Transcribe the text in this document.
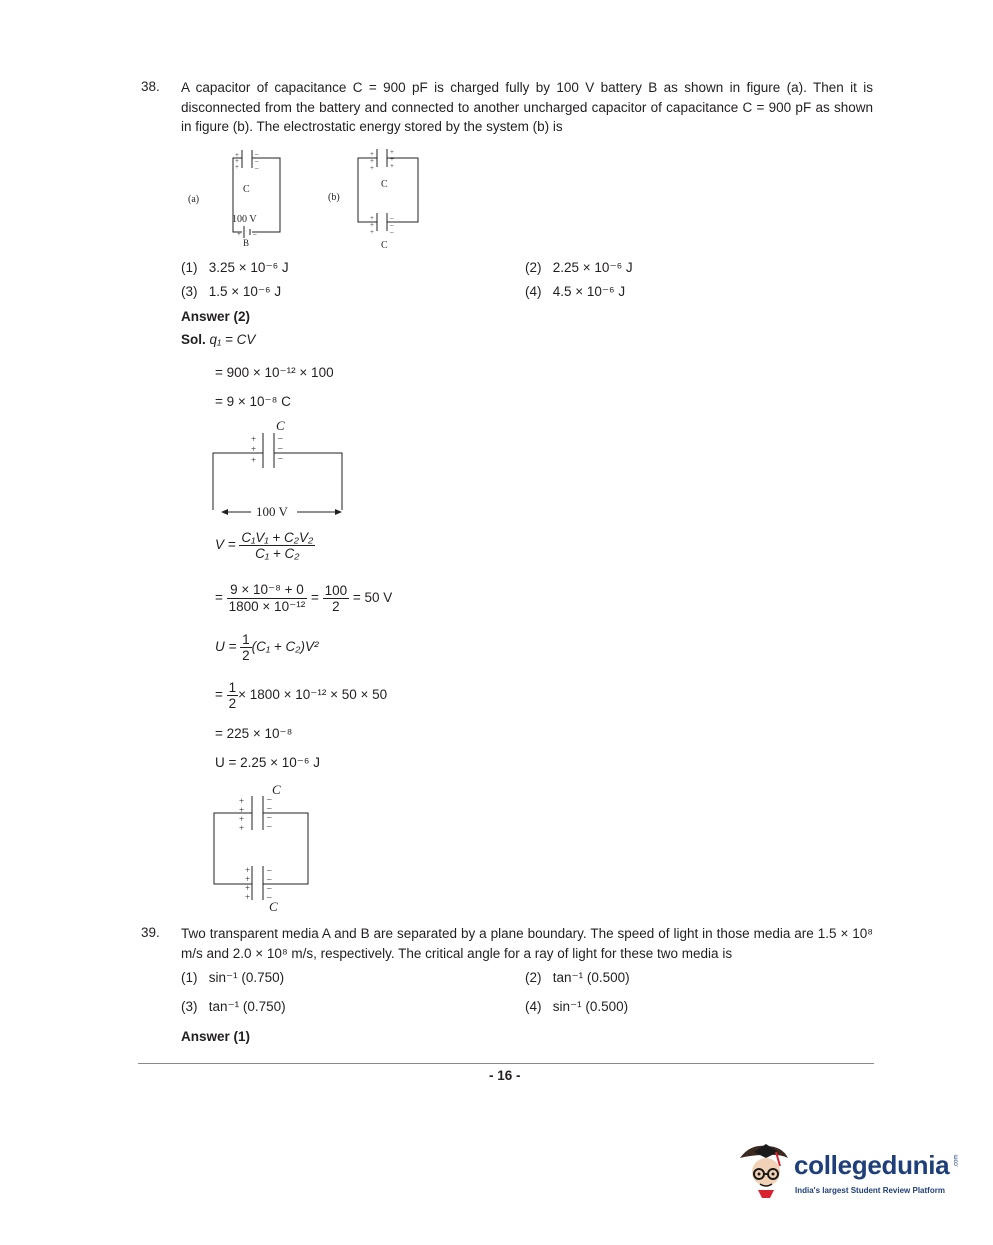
38. A capacitor of capacitance C = 900 pF is charged fully by 100 V battery B as shown in figure (a). Then it is disconnected from the battery and connected to another uncharged capacitor of capacitance C = 900 pF as shown in figure (b). The electrostatic energy stored by the system (b) is
+
+
+
–
–
–
+
+
+
+
+
+
+
+
+
–
–
–
+ –
(a)	(b)
C
100 V
B
C
C
(1) 3.25 × 10⁻⁶ J	(2) 2.25 × 10⁻⁶ J
(3) 1.5 × 10⁻⁶ J	(4) 4.5 × 10⁻⁶ J
Answer (2)
Sol. q₁ = CV
= 900 × 10⁻¹² × 100
= 9 × 10⁻⁸ C
+
+
+
–
–
–
C
100 V
$V = \frac{\text{C₁V₁ + C₂V₂}}{\text{C₁ + C₂}}$
= $\frac{\text{9 × 10⁻⁸ + 0}}{\text{1800 × 10⁻¹²}} = \frac{100}{2} = 50$ V
$U = \frac{1}{2} (C_1 + C_2)V^2$
= $\frac{1}{2} \times 1800 \times 10^{-12} \times 50 \times 50$
= 225 × 10⁻⁸
U = 2.25 × 10⁻⁶ J
+
+
+
+
–
–
–
–
+
+
+
+
–
–
–
–
C
C
39. Two transparent media A and B are separated by a plane boundary. The speed of light in those media are 1.5 × 10⁸ m/s and 2.0 × 10⁸ m/s, respectively. The critical angle for a ray of light for these two media is
(1) sin⁻¹ (0.750)	(2) tan⁻¹ (0.500)
(3) tan⁻¹ (0.750)	(4) sin⁻¹ (0.500)
Answer (1)
- 16 -
collegedunia .com
India's largest Student Review Platform
